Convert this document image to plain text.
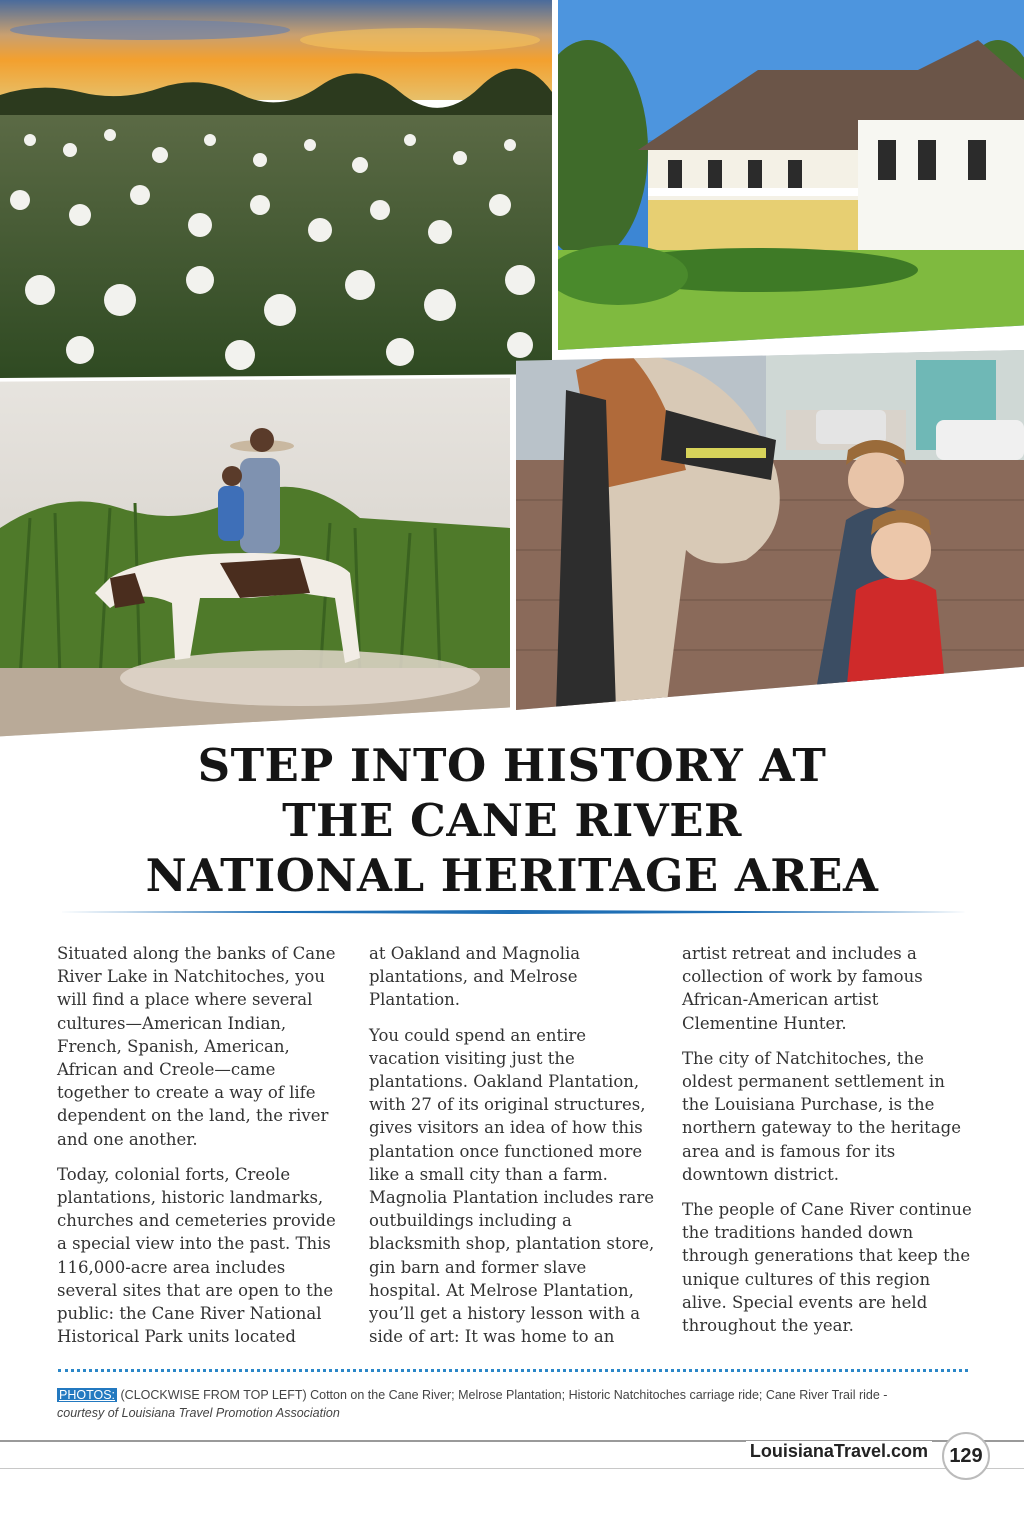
STEP INTO HISTORY AT
THE CANE RIVER
NATIONAL HERITAGE AREA

Situated along the banks of Cane River Lake in Natchitoches, you will find a place where several cultures—American Indian, French, Spanish, American, African and Creole—came together to create a way of life dependent on the land, the river and one another.

Today, colonial forts, Creole plantations, historic landmarks, churches and cemeteries provide a special view into the past. This 116,000-acre area includes several sites that are open to the public: the Cane River National Historical Park units located

at Oakland and Magnolia plantations, and Melrose Plantation.

You could spend an entire vacation visiting just the plantations. Oakland Plantation, with 27 of its original structures, gives visitors an idea of how this plantation once functioned more like a small city than a farm. Magnolia Plantation includes rare outbuildings including a blacksmith shop, plantation store, gin barn and former slave hospital. At Melrose Plantation, you’ll get a history lesson with a side of art: It was home to an

artist retreat and includes a collection of work by famous African-American artist Clementine Hunter.

The city of Natchitoches, the oldest permanent settlement in the Louisiana Purchase, is the northern gateway to the heritage area and is famous for its downtown district.

The people of Cane River continue the traditions handed down through generations that keep the unique cultures of this region alive. Special events are held throughout the year.

PHOTOS: (CLOCKWISE FROM TOP LEFT) Cotton on the Cane River; Melrose Plantation; Historic Natchitoches carriage ride; Cane River Trail ride -
courtesy of Louisiana Travel Promotion Association
LouisianaTravel.com	129
